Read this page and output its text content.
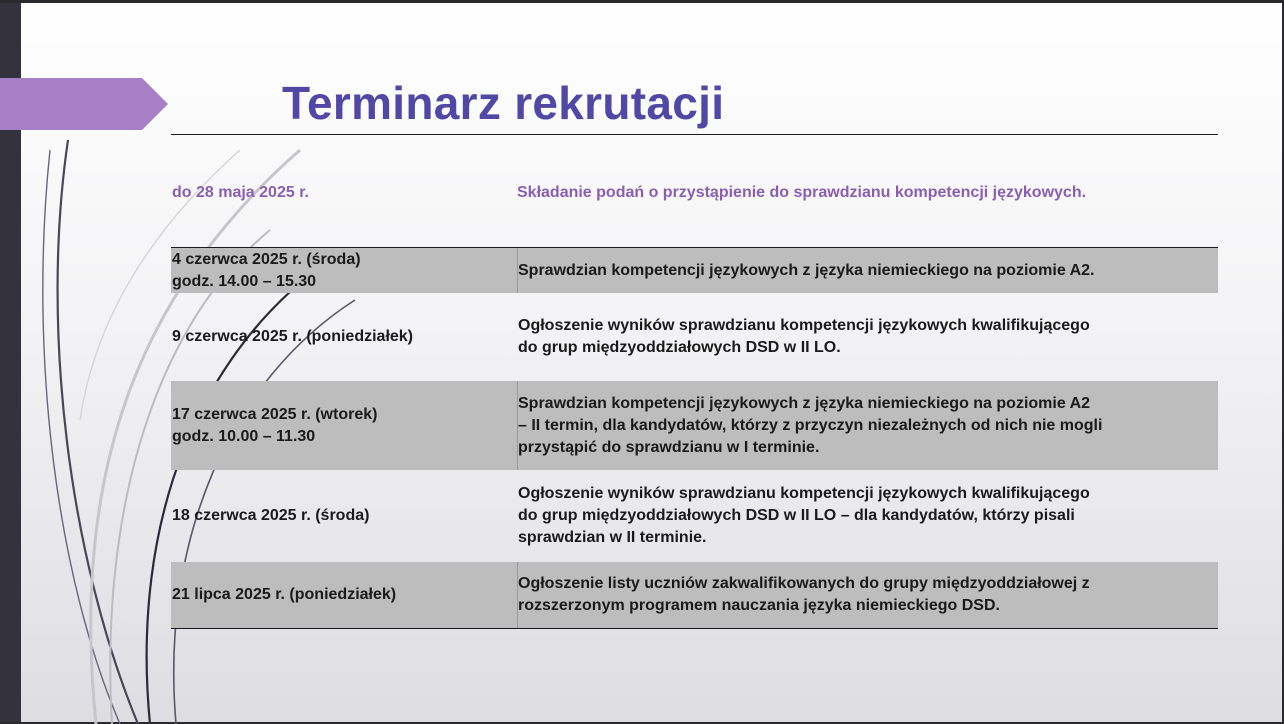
Terminarz rekrutacji
do 28 maja 2025 r.	Składanie podań o przystąpienie do sprawdzianu kompetencji językowych.
4 czerwca 2025 r. (środa)
godz. 14.00 – 15.30
Sprawdzian kompetencji językowych z języka niemieckiego na poziomie A2.
9 czerwca 2025 r. (poniedziałek)
Ogłoszenie wyników sprawdzianu kompetencji językowych kwalifikującego
do grup międzyoddziałowych DSD w II LO.
17 czerwca 2025 r. (wtorek)
godz. 10.00 – 11.30
Sprawdzian kompetencji językowych z języka niemieckiego na poziomie A2
– II termin, dla kandydatów, którzy z przyczyn niezależnych od nich nie mogli
przystąpić do sprawdzianu w I terminie.
18 czerwca 2025 r. (środa)
Ogłoszenie wyników sprawdzianu kompetencji językowych kwalifikującego
do grup międzyoddziałowych DSD w II LO – dla kandydatów, którzy pisali
sprawdzian w II terminie.
21 lipca 2025 r. (poniedziałek)
Ogłoszenie listy uczniów zakwalifikowanych do grupy międzyoddziałowej z
rozszerzonym programem nauczania języka niemieckiego DSD.
